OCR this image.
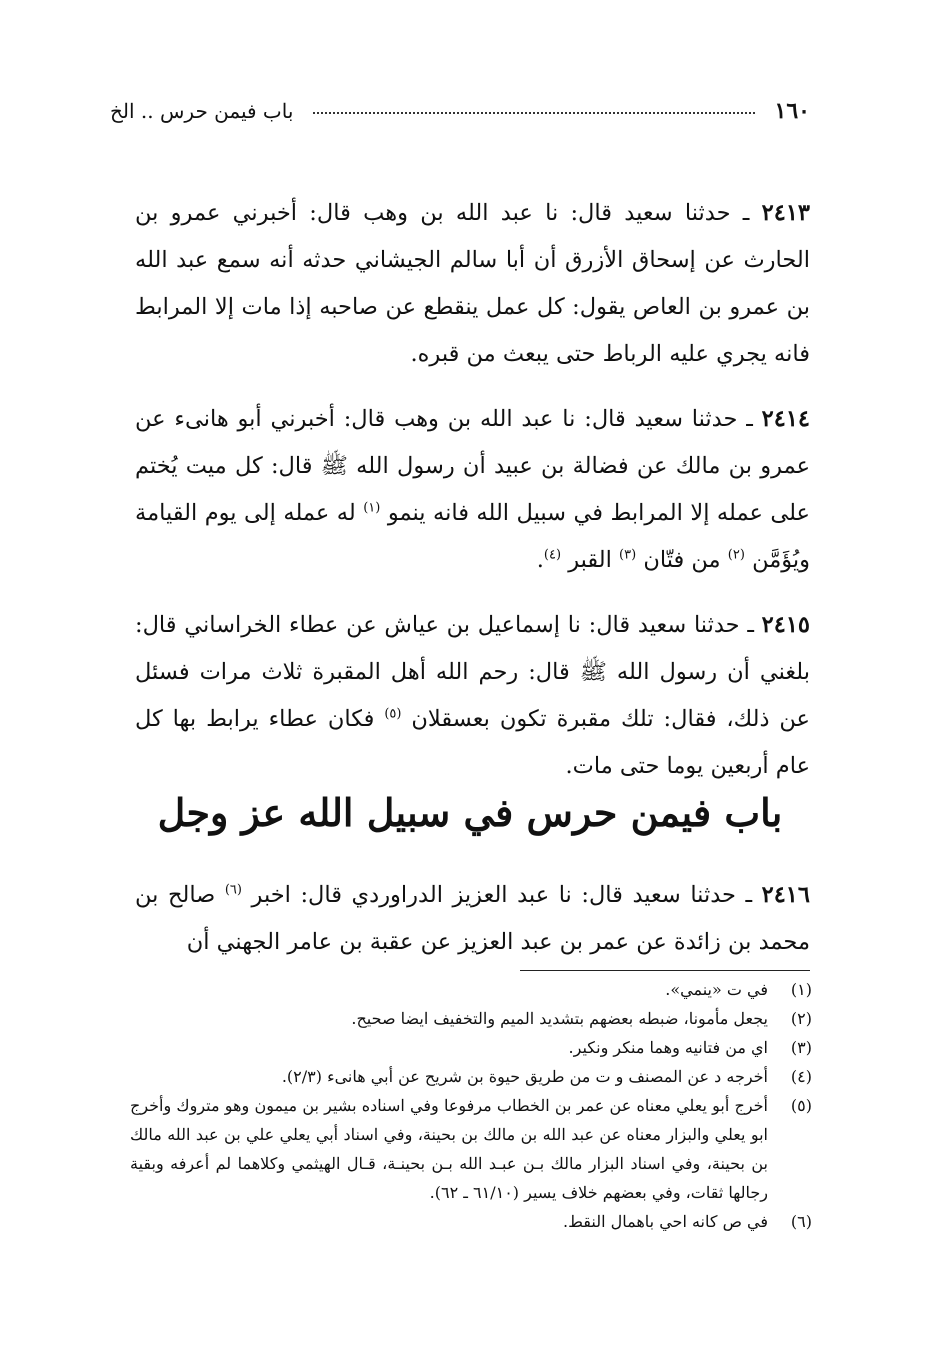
١٦٠
باب فيمن حرس .. الخ

٢٤١٣ ـ حدثنا سعيد قال: نا عبد الله بن وهب قال: أخبرني عمرو بن الحارث عن إسحاق الأزرق أن أبا سالم الجيشاني حدثه أنه سمع عبد الله بن عمرو بن العاص يقول: كل عمل ينقطع عن صاحبه إذا مات إلا المرابط فانه يجري عليه الرباط حتى يبعث من قبره.

٢٤١٤ ـ حدثنا سعيد قال: نا عبد الله بن وهب قال: أخبرني أبو هانىء عن عمرو بن مالك عن فضالة بن عبيد أن رسول الله ﷺ قال: كل ميت يُختم على عمله إلا المرابط في سبيل الله فانه ينمو $^{(١)}$ له عمله إلى يوم القيامة ويُؤَمَّن $^{(٢)}$ من فتّان $^{(٣)}$ القبر $^{(٤)}$.

٢٤١٥ ـ حدثنا سعيد قال: نا إسماعيل بن عياش عن عطاء الخراساني قال: بلغني أن رسول الله ﷺ قال: رحم الله أهل المقبرة ثلاث مرات فسئل عن ذلك، فقال: تلك مقبرة تكون بعسقلان $^{(٥)}$ فكان عطاء يرابط بها كل عام أربعين يوما حتى مات.

باب فيمن حرس في سبيل الله عز وجل

٢٤١٦ ـ حدثنا سعيد قال: نا عبد العزيز الدراوردي قال: اخبر $^{(٦)}$ صالح بن محمد بن زائدة عن عمر بن عبد العزيز عن عقبة بن عامر الجهني أن

(١)
في ت «ينمي».
(٢)
يجعل مأمونا، ضبطه بعضهم بتشديد الميم والتخفيف ايضا صحيح.
(٣)
اي من فتانيه وهما منكر ونكير.
(٤)
أخرجه د عن المصنف و ت من طريق حيوة بن شريح عن أبي هانىء (٢/٣).
(٥)
أخرج أبو يعلي معناه عن عمر بن الخطاب مرفوعا وفي اسناده بشير بن ميمون وهو متروك وأخرج ابو يعلي والبزار معناه عن عبد الله بن مالك بن بحينة، وفي اسناد أبي يعلي علي بن عبد الله مالك بن بحينة، وفي اسناد البزار مالك بـن عبـد الله بـن بحينـة، قـال الهيثمي وكلاهما لم أعرفه وبقية رجالها ثقات، وفي بعضهم خلاف يسير (٦١/١٠ ـ ٦٢).
(٦)
في ص كانه احي باهمال النقط.
